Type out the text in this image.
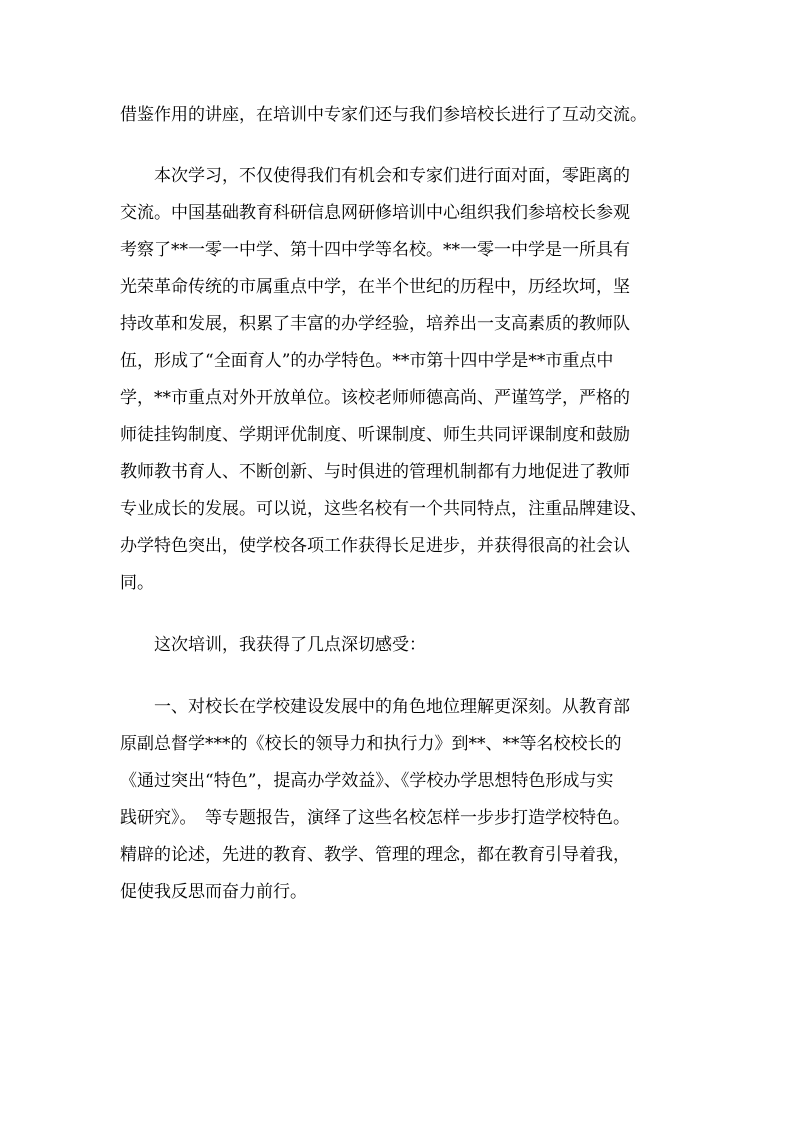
借鉴作用的讲座，在培训中专家们还与我们参培校长进行了互动交流。
　　本次学习，不仅使得我们有机会和专家们进行面对面，零距离的
交流。中国基础教育科研信息网研修培训中心组织我们参培校长参观
考察了**一零一中学、第十四中学等名校。**一零一中学是一所具有
光荣革命传统的市属重点中学，在半个世纪的历程中，历经坎坷，坚
持改革和发展，积累了丰富的办学经验，培养出一支高素质的教师队
伍，形成了“全面育人”的办学特色。**市第十四中学是**市重点中
学，**市重点对外开放单位。该校老师师德高尚、严谨笃学，严格的
师徒挂钩制度、学期评优制度、听课制度、师生共同评课制度和鼓励
教师教书育人、不断创新、与时俱进的管理机制都有力地促进了教师
专业成长的发展。可以说，这些名校有一个共同特点，注重品牌建设、
办学特色突出，使学校各项工作获得长足进步，并获得很高的社会认
同。
　　这次培训，我获得了几点深切感受：
　　一、对校长在学校建设发展中的角色地位理解更深刻。从教育部
原副总督学***的《校长的领导力和执行力》到**、**等名校校长的
《通过突出“特色”，提高办学效益》、《学校办学思想特色形成与实
践研究》。　等专题报告，演绎了这些名校怎样一步步打造学校特色。
精辟的论述，先进的教育、教学、管理的理念，都在教育引导着我，
促使我反思而奋力前行。
